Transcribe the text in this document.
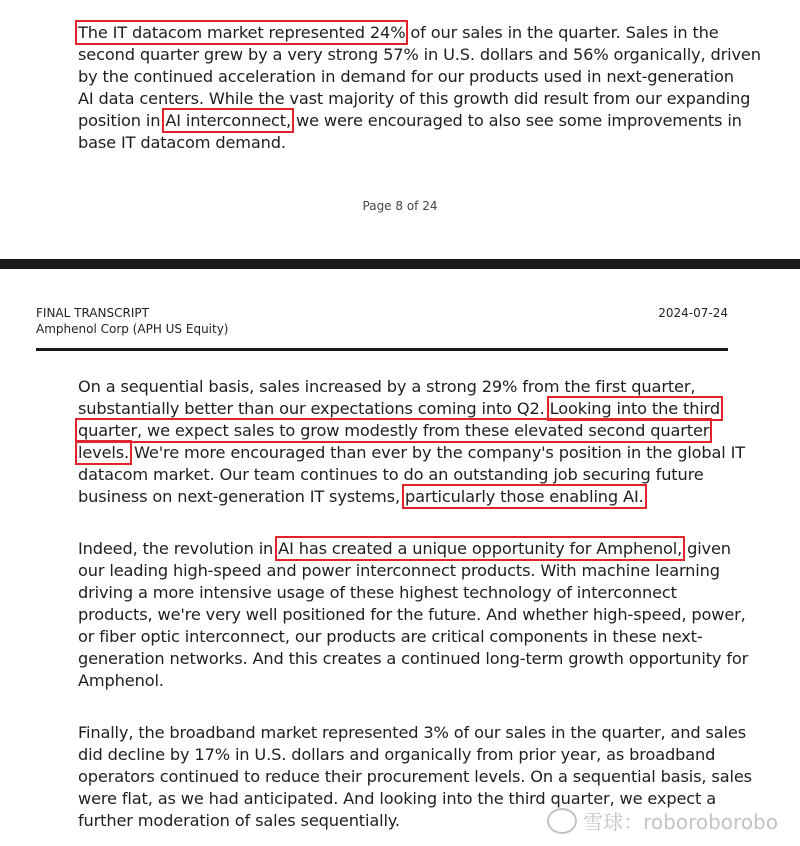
The IT datacom market represented 24% of our sales in the quarter. Sales in the
second quarter grew by a very strong 57% in U.S. dollars and 56% organically, driven
by the continued acceleration in demand for our products used in next-generation
AI data centers. While the vast majority of this growth did result from our expanding
position in AI interconnect, we were encouraged to also see some improvements in
base IT datacom demand.

Page 8 of 24
FINAL TRANSCRIPT
Amphenol Corp (APH US Equity)
2024-07-24

On a sequential basis, sales increased by a strong 29% from the first quarter,
substantially better than our expectations coming into Q2. Looking into the third
quarter, we expect sales to grow modestly from these elevated second quarter
levels. We're more encouraged than ever by the company's position in the global IT
datacom market. Our team continues to do an outstanding job securing future
business on next-generation IT systems, particularly those enabling AI.

Indeed, the revolution in AI has created a unique opportunity for Amphenol, given
our leading high-speed and power interconnect products. With machine learning
driving a more intensive usage of these highest technology of interconnect
products, we're very well positioned for the future. And whether high-speed, power,
or fiber optic interconnect, our products are critical components in these next-
generation networks. And this creates a continued long-term growth opportunity for
Amphenol.

Finally, the broadband market represented 3% of our sales in the quarter, and sales
did decline by 17% in U.S. dollars and organically from prior year, as broadband
operators continued to reduce their procurement levels. On a sequential basis, sales
were flat, as we had anticipated. And looking into the third quarter, we expect a
further moderation of sales sequentially.	雪球：roboroborobo
